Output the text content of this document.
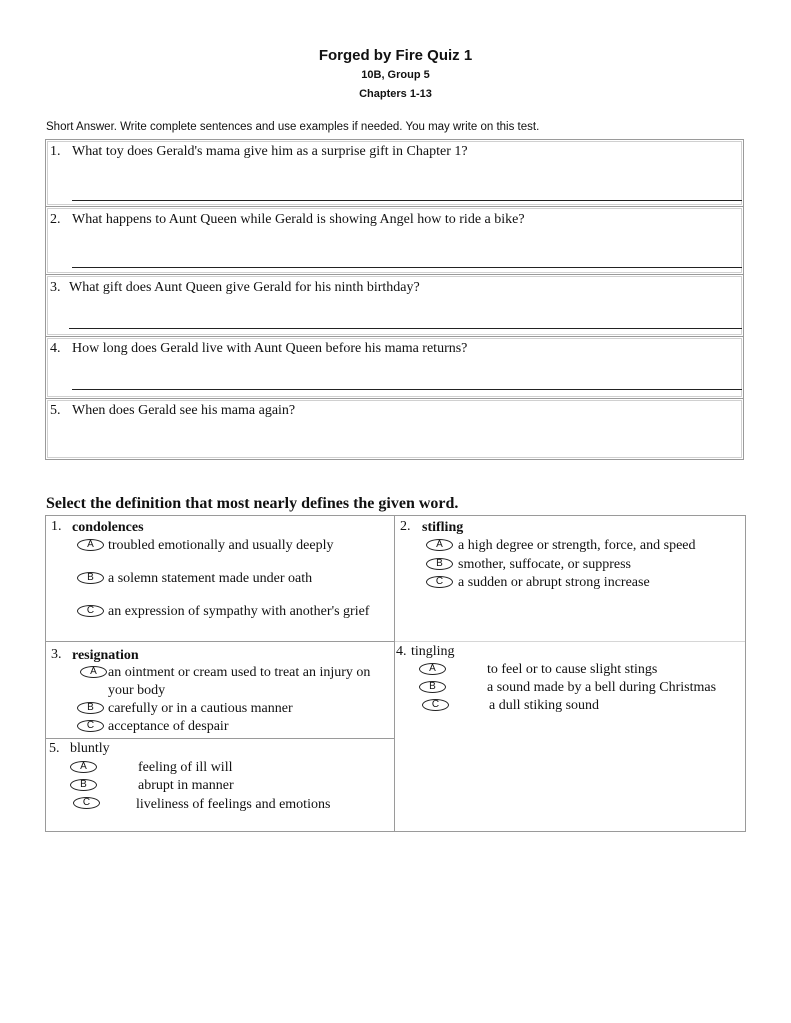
Forged by Fire Quiz 1
10B, Group 5
Chapters 1-13
Short Answer. Write complete sentences and use examples if needed. You may write on this test.
1. What toy does Gerald's mama give him as a surprise gift in Chapter 1?
2. What happens to Aunt Queen while Gerald is showing Angel how to ride a bike?
3. What gift does Aunt Queen give Gerald for his ninth birthday?
4. How long does Gerald live with Aunt Queen before his mama returns?
5. When does Gerald see his mama again?
Select the definition that most nearly defines the given word.
1. condolences
A	troubled emotionally and usually deeply
B	a solemn statement made under oath
C an expression of sympathy with another's grief
2. stifling
A	a high degree or strength, force, and speed
B	smother, suffocate, or suppress
C	a sudden or abrupt strong increase
3. resignation
A an ointment or cream used to treat an injury on your body
B	carefully or in a cautious manner
C acceptance of despair
4. tingling
A	to feel or to cause slight stings
B	a sound made by a bell during Christmas
C	a dull stiking sound
5. bluntly
A	feeling of ill will
B	abrupt in manner
C	liveliness of feelings and emotions
